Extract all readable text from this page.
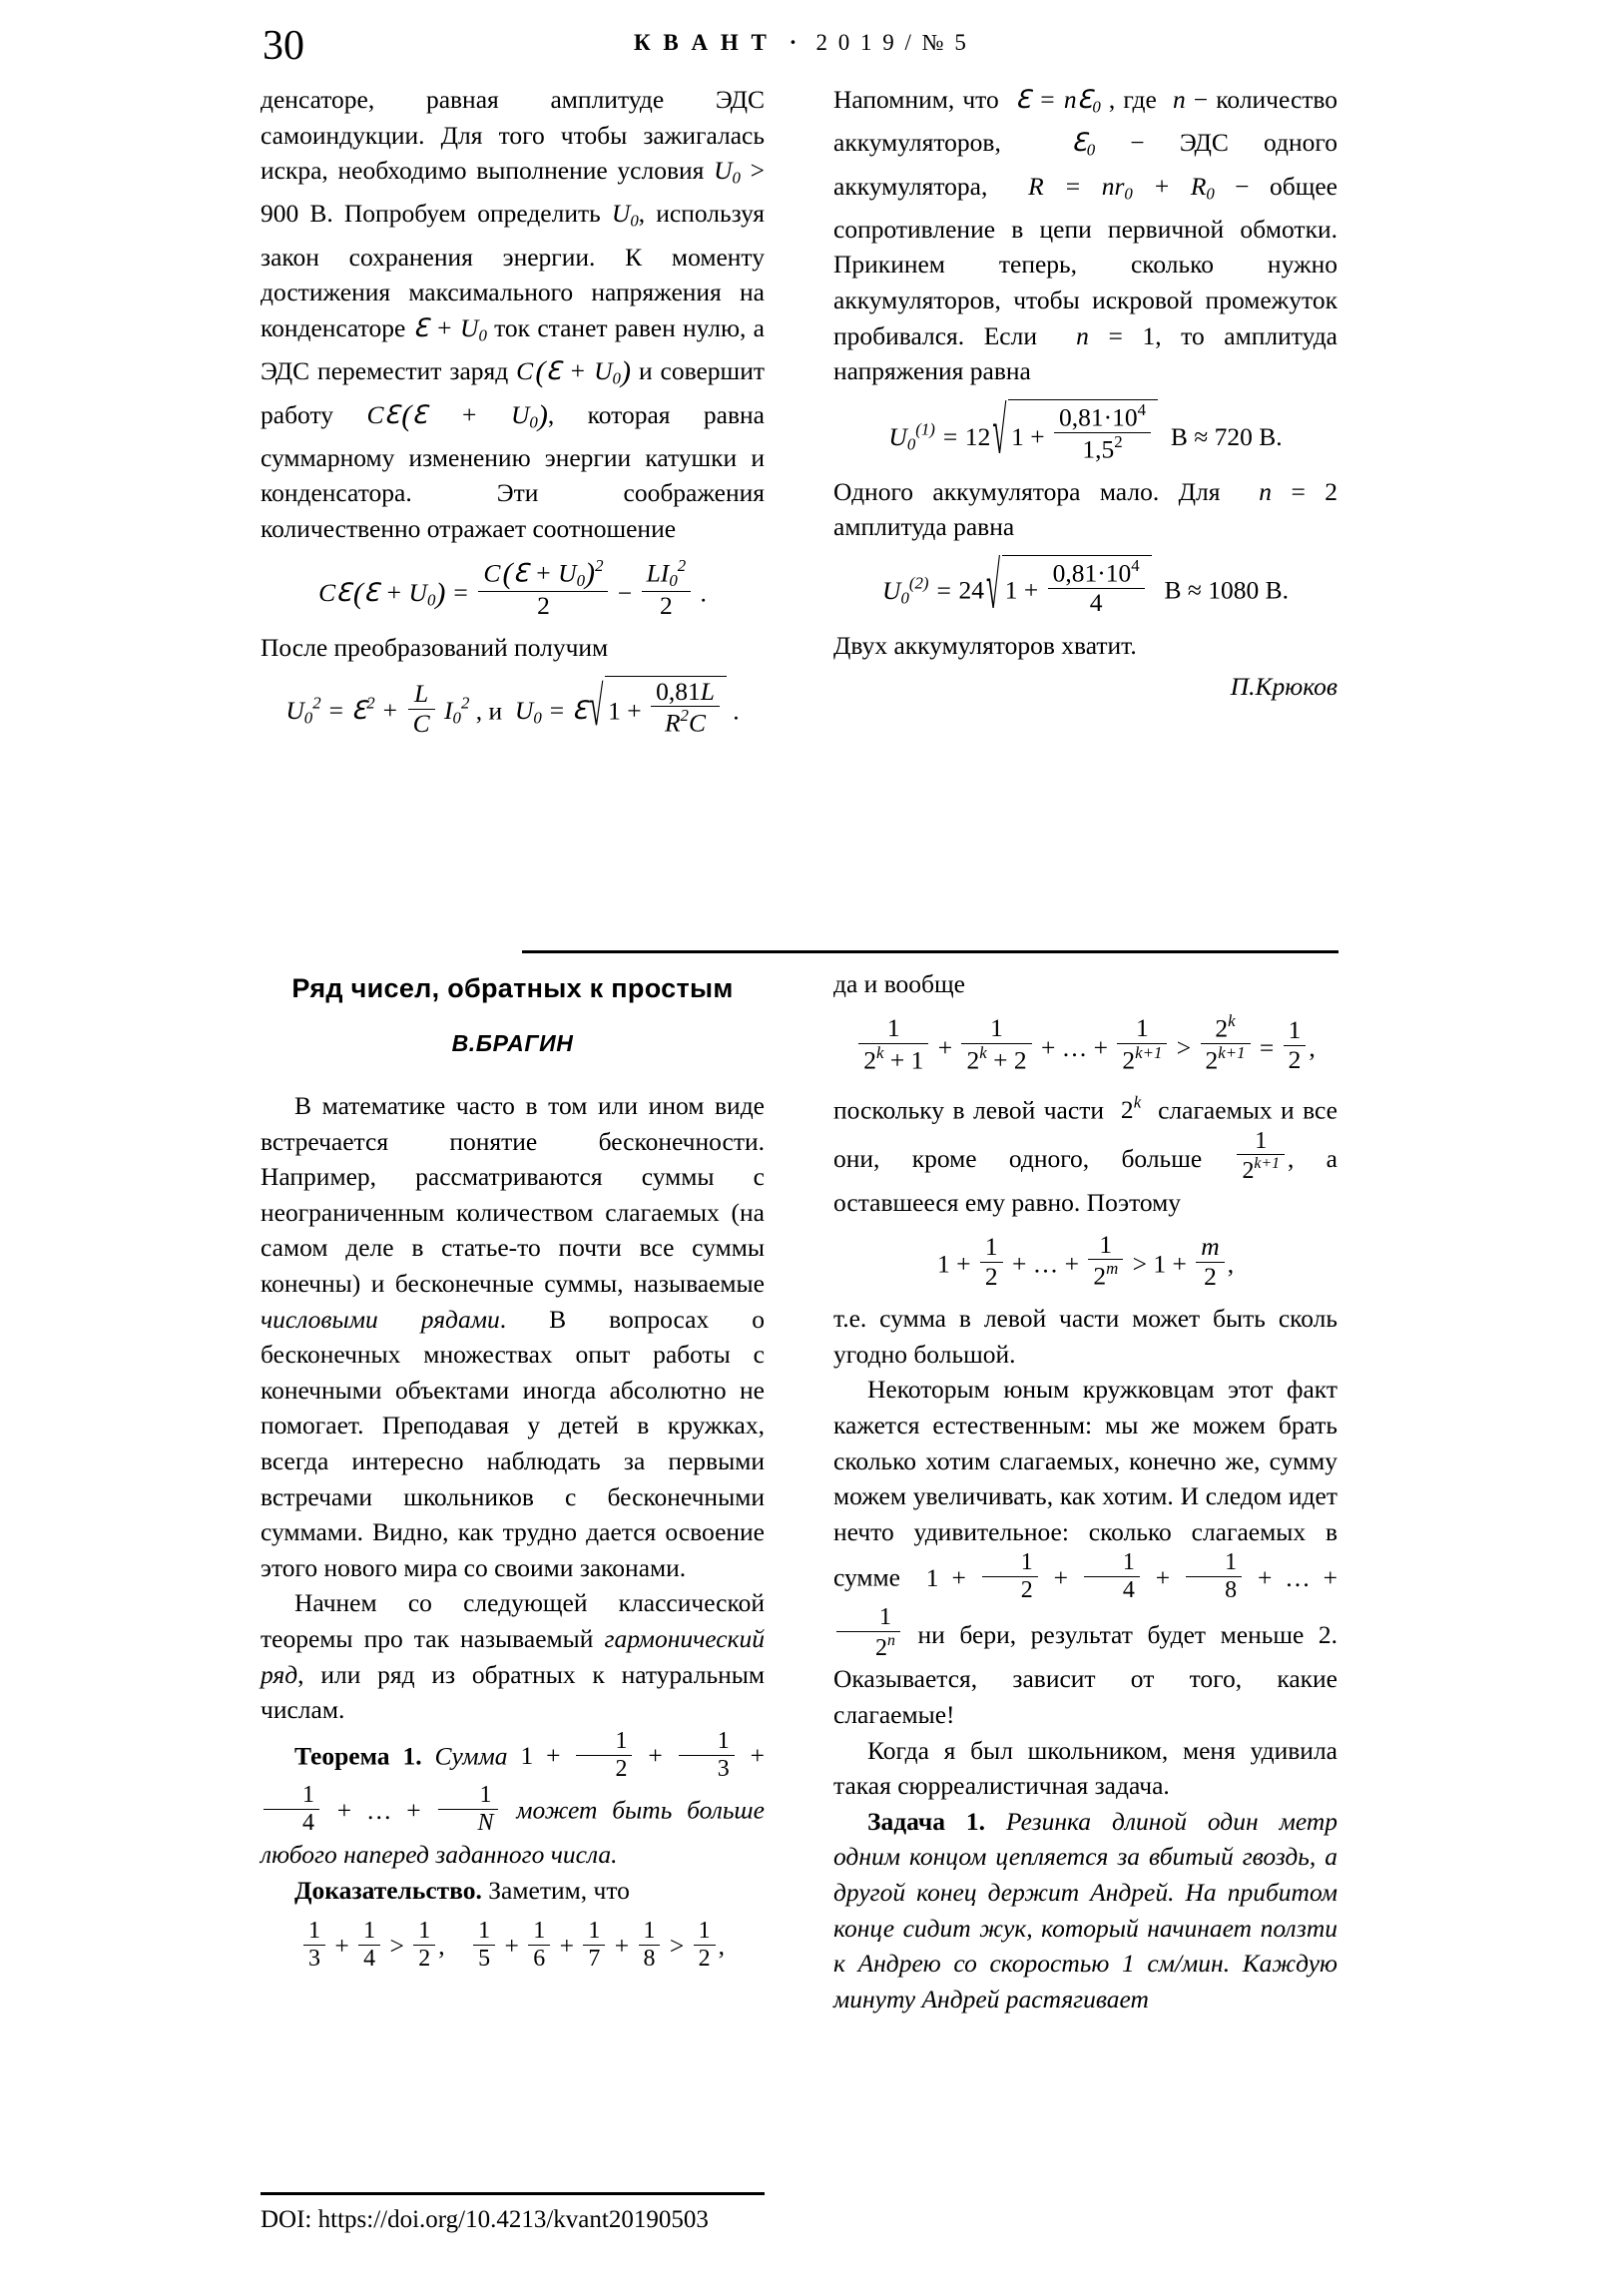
30	К В А Н Т · 2 0 1 9 / № 5

денсаторе, равная амплитуде ЭДС самоиндукции. Для того чтобы зажигалась искра, необходимо выполнение условия $U_0 > 900$ В. Попробуем определить $U_0$, используя закон сохранения энергии. К моменту достижения максимального напряжения на конденсаторе ℇ + $U_0$ ток станет равен нулю, а ЭДС переместит заряд C (ℇ + $U_0$) и совершит работу Cℇ (ℇ + $U_0$), которая равна суммарному изменению энергии катушки и конденсатора. Эти соображения количественно отражает соотношение

Cℇ (ℇ + $U_0) = \frac{C (ℇ + U_0)^2}{2} - \frac{LI_0^2}{2}$ .

После преобразований получим

$U_0^2$ = ℇ$^2$ + $\frac{L}{C} I_0^2$ , и  $U_0$ = ℇ √ $1 + \frac{0,81L}{R^2C}$ .

Напомним, что  ℇ = nℇ$_0$ , где  n − количество аккумуляторов,  ℇ$_0$ − ЭДС одного аккумулятора,  $R = nr_0 + R_0$ − общее сопротивление в цепи первичной обмотки. Прикинем теперь, сколько нужно аккумуляторов, чтобы искровой промежуток пробивался. Если  n = 1, то амплитуда напряжения равна

$U_0^{(1)} = 12$ √ $1 + \frac{0,81\cdot 10^4}{1,5^2}$ В ≈ 720 В.

Одного аккумулятора мало. Для  n = 2 амплитуда равна

$U_0^{(2)} = 24$ √ $1 + \frac{0,81\cdot 10^4}{4}$ В ≈ 1080 В.

Двух аккумуляторов хватит.

П.Крюков

Ряд чисел, обратных к простым
В.БРАГИН

В математике часто в том или ином виде встречается понятие бесконечности. Например, рассматриваются суммы с неограниченным количеством слагаемых (на самом деле в статье-то почти все суммы конечны) и бесконечные суммы, называемые числовыми рядами. В вопросах о бесконечных множествах опыт работы с конечными объектами иногда абсолютно не помогает. Преподавая у детей в кружках, всегда интересно наблюдать за первыми встречами школьников с бесконечными суммами. Видно, как трудно дается освоение этого нового мира со своими законами.

Начнем со следующей классической теоремы про так называемый гармонический ряд, или ряд из обратных к натуральным числам.

Теорема 1. Сумма $1 + \frac{1}{2} + \frac{1}{3}$ +
$\frac{1}{4}$ + … + $\frac{1}{N}$ может быть больше любого наперед заданного числа.

Доказательство. Заметим, что

$\frac{1}{3} + \frac{1}{4} > \frac{1}{2}$ , $\frac{1}{5} + \frac{1}{6} + \frac{1}{7} + \frac{1}{8} > \frac{1}{2}$ ,

да и вообще

$\frac{1}{2^k + 1} + \frac{1}{2^k + 2}$ + … + $\frac{1}{2^{k+1}} > \frac{2^k}{2^{k+1}} = \frac{1}{2}$ ,

поскольку в левой части  2$^k$ слагаемых и все они, кроме одного, больше $\frac{1}{2^{k+1}}$ , а оставшееся ему равно. Поэтому

$1 + \frac{1}{2}$ + … + $\frac{1}{2^m} > 1 + \frac{m}{2}$ ,

т.е. сумма в левой части может быть сколь угодно большой.

Некоторым юным кружковцам этот факт кажется естественным: мы же можем брать сколько хотим слагаемых, конечно же, сумму можем увеличивать, как хотим. И следом идет нечто удивительное: сколько слагаемых в сумме  $1 + \frac{1}{2} + \frac{1}{4} + \frac{1}{8}$ + … +
$\frac{1}{2^n}$ ни бери, результат будет меньше 2. Оказывается, зависит от того, какие слагаемые!

Когда я был школьником, меня удивила такая сюрреалистичная задача.

Задача 1. Резинка длиной один метр одним концом цепляется за вбитый гвоздь, а другой конец держит Андрей. На прибитом конце сидит жук, который начинает ползти к Андрею со скоростью 1 см/мин. Каждую минуту Андрей растягивает

DOI: https://doi.org/10.4213/kvant20190503
